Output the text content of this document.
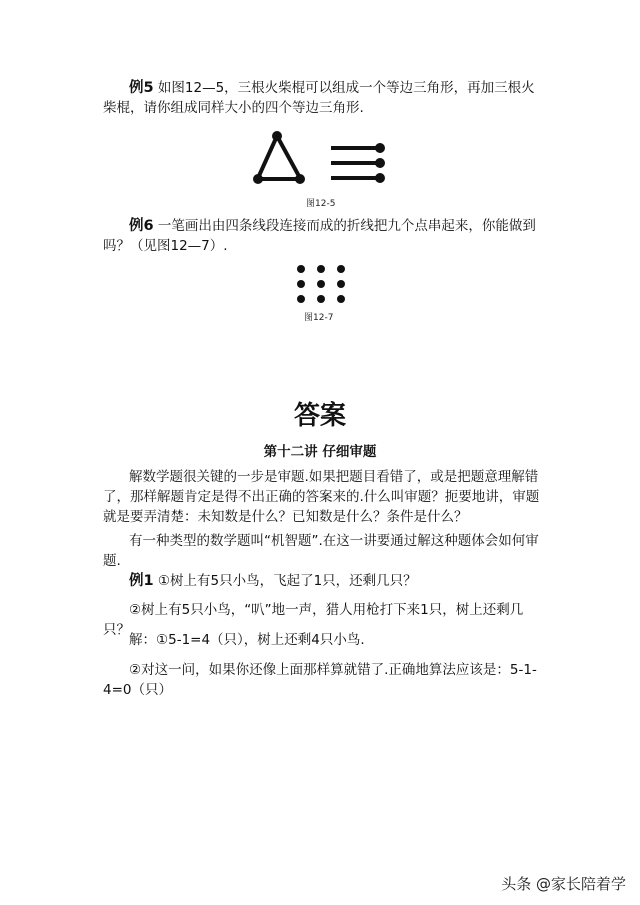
例5 如图12—5，三根火柴棍可以组成一个等边三角形，再加三根火柴棍，请你组成同样大小的四个等边三角形.

图12-5

例6 一笔画出由四条线段连接而成的折线把九个点串起来，你能做到吗？（见图12—7）.

图12-7
答案
第十二讲 仔细审题

解数学题很关键的一步是审题.如果把题目看错了，或是把题意理解错了，那样解题肯定是得不出正确的答案来的.什么叫审题？扼要地讲，审题就是要弄清楚：未知数是什么？已知数是什么？条件是什么？

有一种类型的数学题叫“机智题”.在这一讲要通过解这种题体会如何审题.

例1 ①树上有5只小鸟，飞起了1只，还剩几只？

②树上有5只小鸟，“叭”地一声，猎人用枪打下来1只，树上还剩几只？

解：①5-1=4（只），树上还剩4只小鸟.

②对这一问，如果你还像上面那样算就错了.正确地算法应该是：5-1-4=0（只）

头条 @家长陪着学
